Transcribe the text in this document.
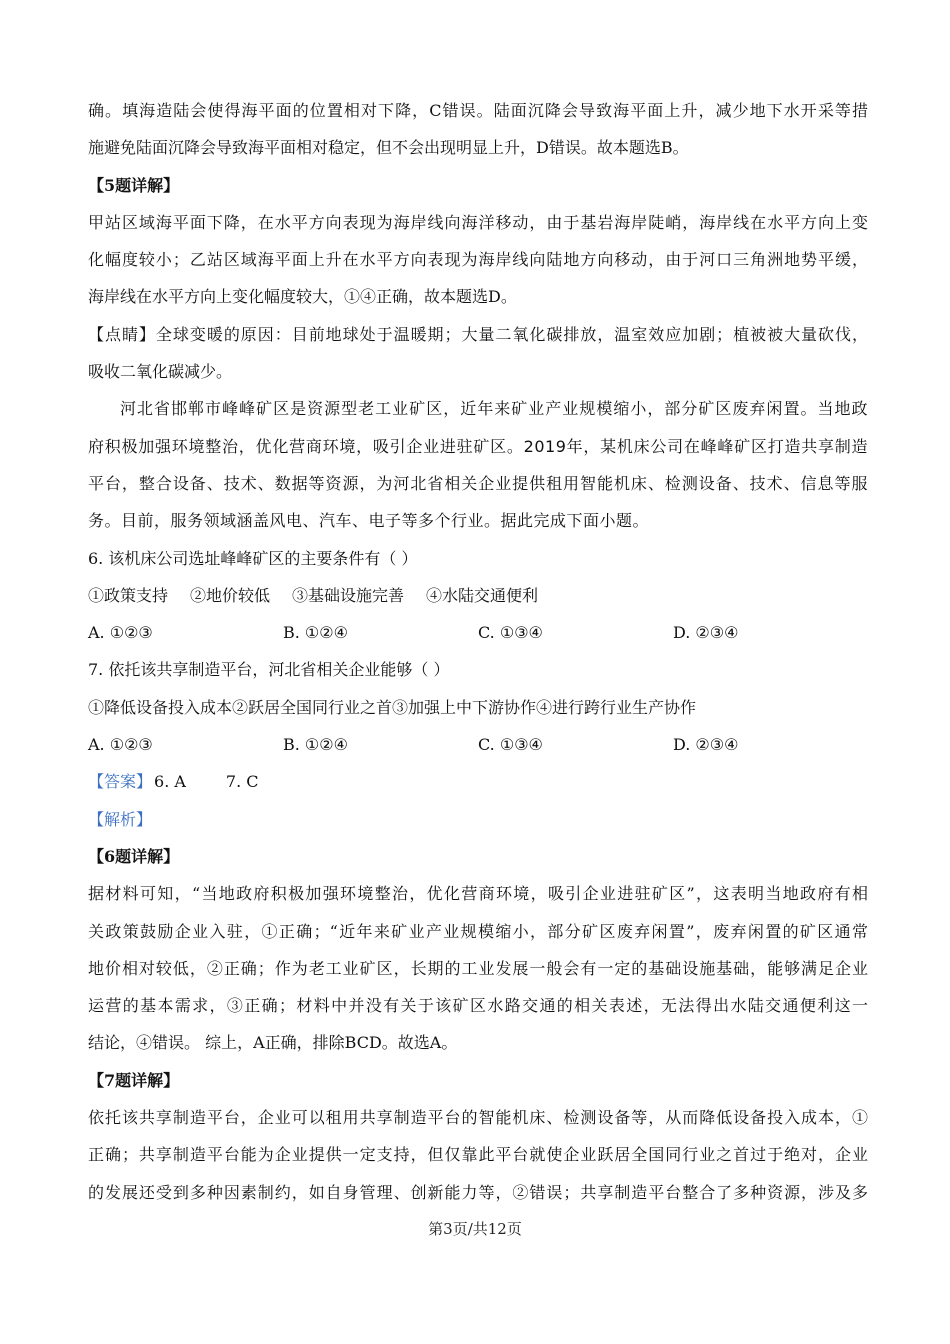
确。填海造陆会使得海平面的位置相对下降，C错误。陆面沉降会导致海平面上升，减少地下水开采等措

施避免陆面沉降会导致海平面相对稳定，但不会出现明显上升，D错误。故本题选B。

【5题详解】

甲站区域海平面下降，在水平方向表现为海岸线向海洋移动，由于基岩海岸陡峭，海岸线在水平方向上变

化幅度较小；乙站区域海平面上升在水平方向表现为海岸线向陆地方向移动，由于河口三角洲地势平缓，

海岸线在水平方向上变化幅度较大，①④正确，故本题选D。

【点睛】全球变暖的原因：目前地球处于温暖期；大量二氧化碳排放，温室效应加剧；植被被大量砍伐，

吸收二氧化碳减少。

河北省邯郸市峰峰矿区是资源型老工业矿区，近年来矿业产业规模缩小，部分矿区废弃闲置。当地政

府积极加强环境整治，优化营商环境，吸引企业进驻矿区。2019年，某机床公司在峰峰矿区打造共享制造

平台，整合设备、技术、数据等资源，为河北省相关企业提供租用智能机床、检测设备、技术、信息等服

务。目前，服务领域涵盖风电、汽车、电子等多个行业。据此完成下面小题。

6. 该机床公司选址峰峰矿区的主要条件有（ ）

①政策支持 ②地价较低 ③基础设施完善 ④水陆交通便利

A. ①②③	B. ①②④	C. ①③④	D. ②③④

7. 依托该共享制造平台，河北省相关企业能够（ ）

①降低设备投入成本②跃居全国同行业之首③加强上中下游协作④进行跨行业生产协作

A. ①②③	B. ①②④	C. ①③④	D. ②③④

【答案】 6. A	7. C

【解析】

【6题详解】

据材料可知，“当地政府积极加强环境整治，优化营商环境，吸引企业进驻矿区”，这表明当地政府有相

关政策鼓励企业入驻，①正确；“近年来矿业产业规模缩小，部分矿区废弃闲置”，废弃闲置的矿区通常

地价相对较低，②正确；作为老工业矿区，长期的工业发展一般会有一定的基础设施基础，能够满足企业

运营的基本需求，③正确；材料中并没有关于该矿区水路交通的相关表述，无法得出水陆交通便利这一

结论，④错误。 综上，A正确，排除BCD。故选A。

【7题详解】

依托该共享制造平台，企业可以租用共享制造平台的智能机床、检测设备等，从而降低设备投入成本，①

正确；共享制造平台能为企业提供一定支持，但仅靠此平台就使企业跃居全国同行业之首过于绝对，企业

的发展还受到多种因素制约，如自身管理、创新能力等，②错误；共享制造平台整合了多种资源，涉及多

第3页/共12页
